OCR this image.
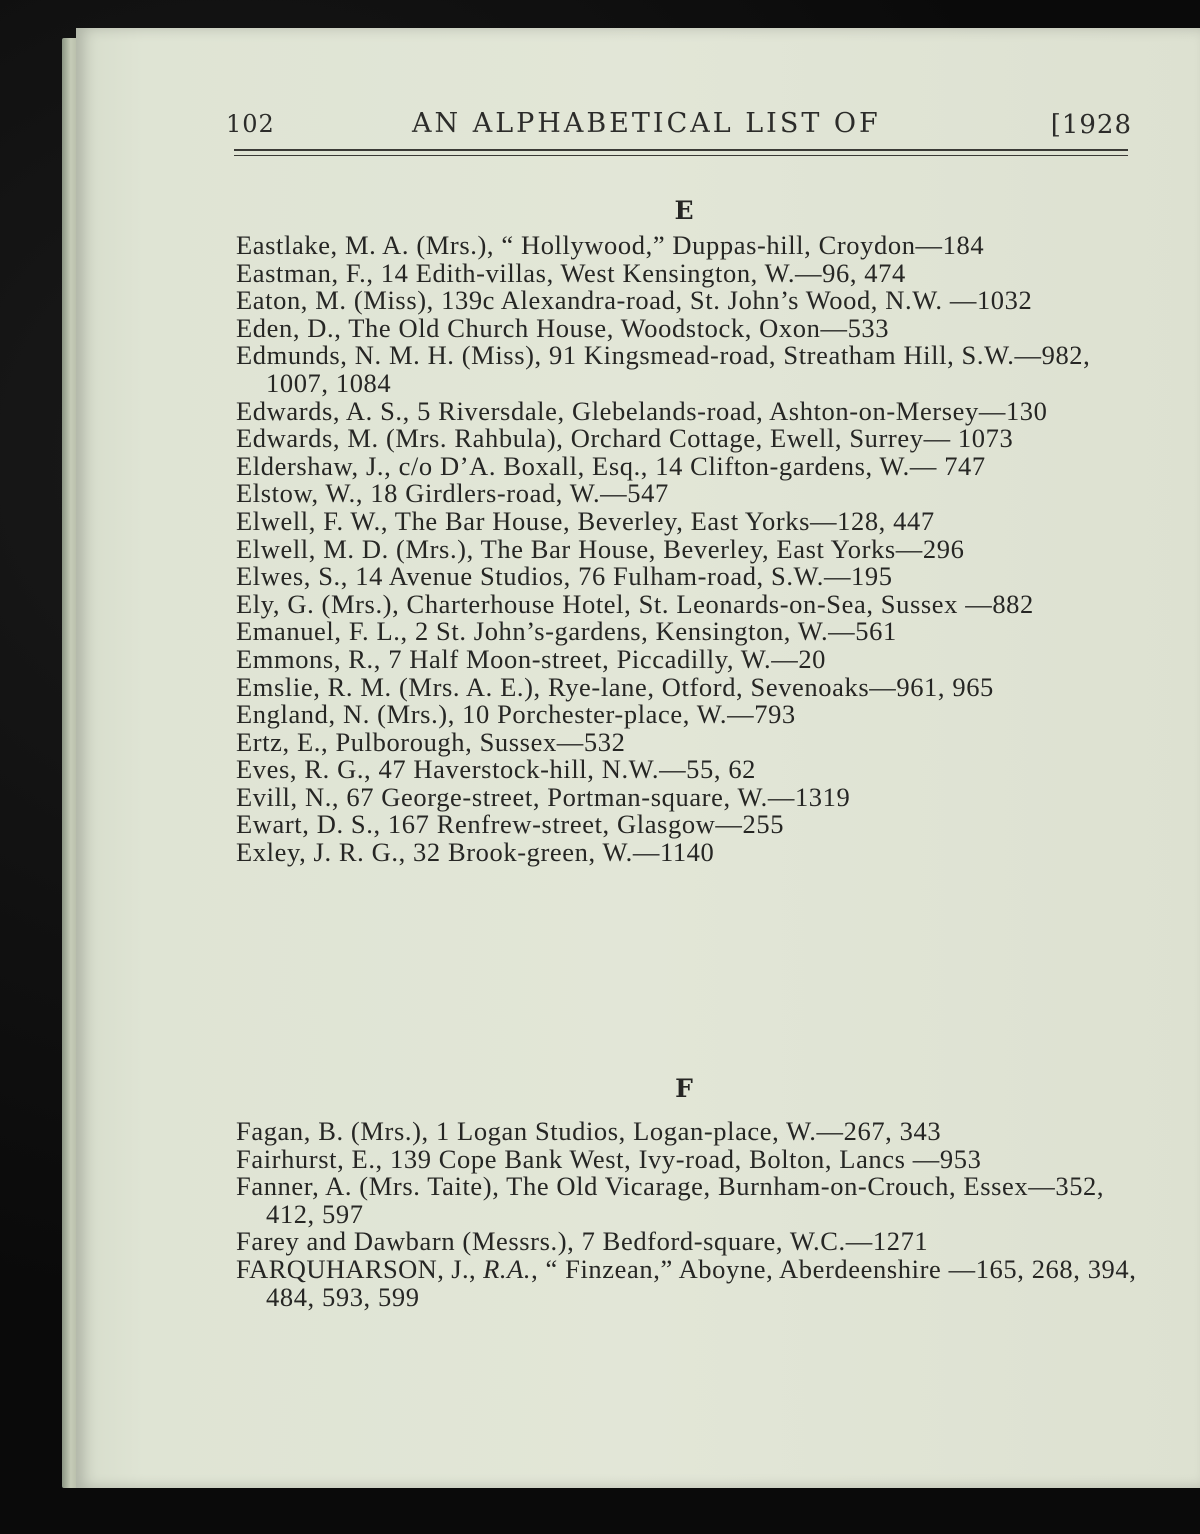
102	AN ALPHABETICAL LIST OF	[1928
E

Eastlake, M. A. (Mrs.), “ Hollywood,” Duppas-hill, Croydon—184

Eastman, F., 14 Edith-villas, West Kensington, W.—96, 474

Eaton, M. (Miss), 139c Alexandra-road, St. John’s Wood, N.W. —1032

Eden, D., The Old Church House, Woodstock, Oxon—533

Edmunds, N. M. H. (Miss), 91 Kingsmead-road, Streatham Hill, S.W.—982, 1007, 1084

Edwards, A. S., 5 Riversdale, Glebelands-road, Ashton-on-Mersey—130

Edwards, M. (Mrs. Rahbula), Orchard Cottage, Ewell, Surrey— 1073

Eldershaw, J., c/o D’A. Boxall, Esq., 14 Clifton-gardens, W.— 747

Elstow, W., 18 Girdlers-road, W.—547

Elwell, F. W., The Bar House, Beverley, East Yorks—128, 447

Elwell, M. D. (Mrs.), The Bar House, Beverley, East Yorks—296

Elwes, S., 14 Avenue Studios, 76 Fulham-road, S.W.—195

Ely, G. (Mrs.), Charterhouse Hotel, St. Leonards-on-Sea, Sussex —882

Emanuel, F. L., 2 St. John’s-gardens, Kensington, W.—561

Emmons, R., 7 Half Moon-street, Piccadilly, W.—20

Emslie, R. M. (Mrs. A. E.), Rye-lane, Otford, Sevenoaks—961, 965

England, N. (Mrs.), 10 Porchester-place, W.—793

Ertz, E., Pulborough, Sussex—532

Eves, R. G., 47 Haverstock-hill, N.W.—55, 62

Evill, N., 67 George-street, Portman-square, W.—1319

Ewart, D. S., 167 Renfrew-street, Glasgow—255

Exley, J. R. G., 32 Brook-green, W.—1140

F

Fagan, B. (Mrs.), 1 Logan Studios, Logan-place, W.—267, 343

Fairhurst, E., 139 Cope Bank West, Ivy-road, Bolton, Lancs —953

Fanner, A. (Mrs. Taite), The Old Vicarage, Burnham-on-Crouch, Essex—352, 412, 597

Farey and Dawbarn (Messrs.), 7 Bedford-square, W.C.—1271

FARQUHARSON, J., R.A., “ Finzean,” Aboyne, Aberdeenshire —165, 268, 394, 484, 593, 599
